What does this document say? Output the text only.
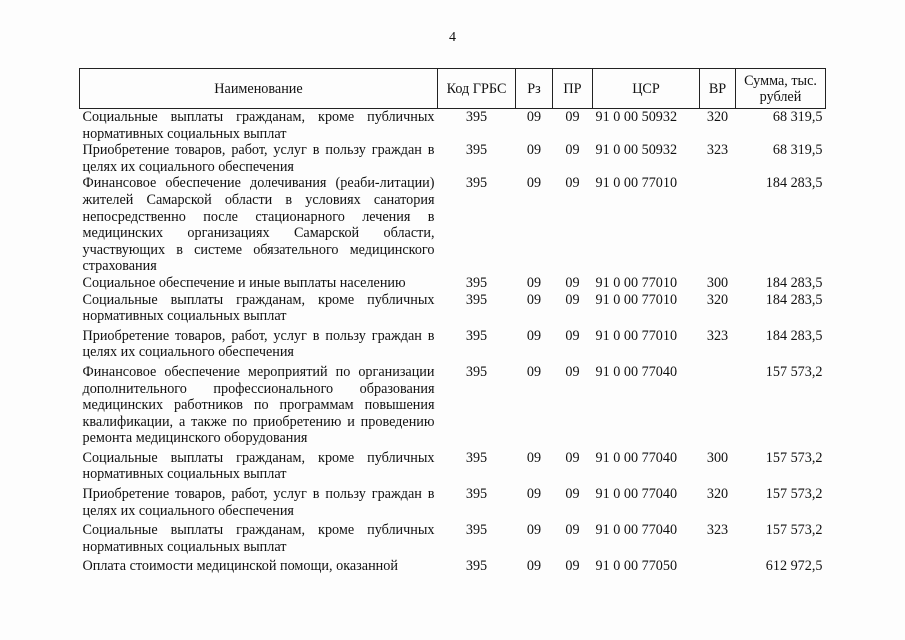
4
Наименование	Код ГРБС	Рз	ПР	ЦСР	ВР	Сумма, тыс. рублей
Социальные выплаты гражданам, кроме публичных нормативных социальных выплат	395	09	09	91 0 00 50932	320	68 319,5
Приобретение товаров, работ, услуг в пользу граждан в целях их социального обеспечения	395	09	09	91 0 00 50932	323	68 319,5
Финансовое обеспечение долечивания (реаби-литации) жителей Самарской области в условиях санатория непосредственно после стационарного лечения в медицинских организациях Самарской области, участвующих в системе обязательного медицинского страхования	395	09	09	91 0 00 77010		184 283,5
Социальное обеспечение и иные выплаты населению	395	09	09	91 0 00 77010	300	184 283,5
Социальные выплаты гражданам, кроме публичных нормативных социальных выплат	395	09	09	91 0 00 77010	320	184 283,5
Приобретение товаров, работ, услуг в пользу граждан в целях их социального обеспечения	395	09	09	91 0 00 77010	323	184 283,5
Финансовое обеспечение мероприятий по организации дополнительного профессионального образования медицинских работников по программам повышения квалификации, а также по приобретению и проведению ремонта медицинского оборудования	395	09	09	91 0 00 77040		157 573,2
Социальные выплаты гражданам, кроме публичных нормативных социальных выплат	395	09	09	91 0 00 77040	300	157 573,2
Приобретение товаров, работ, услуг в пользу граждан в целях их социального обеспечения	395	09	09	91 0 00 77040	320	157 573,2
Социальные выплаты гражданам, кроме публичных нормативных социальных выплат	395	09	09	91 0 00 77040	323	157 573,2
Оплата стоимости медицинской помощи, оказанной	395	09	09	91 0 00 77050		612 972,5
